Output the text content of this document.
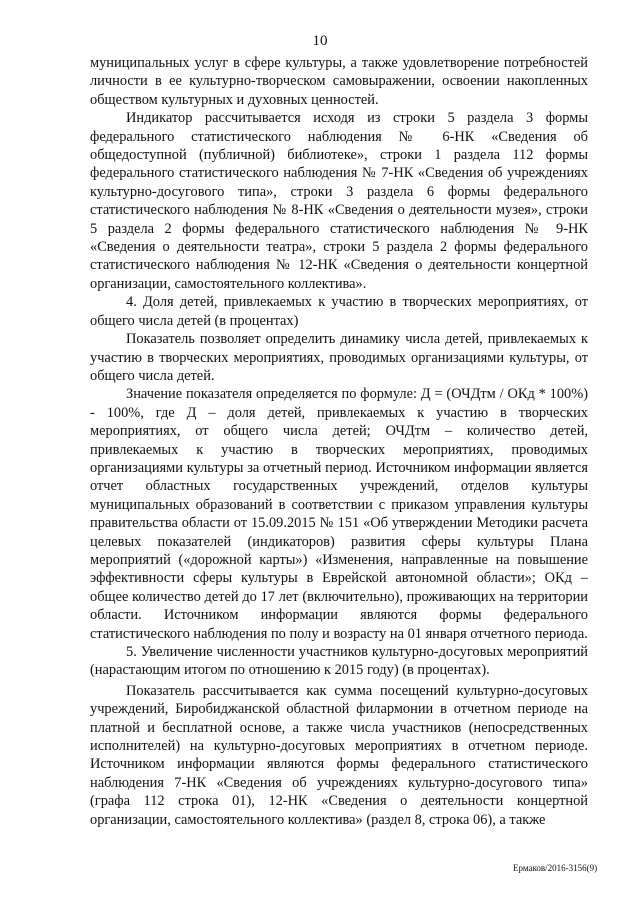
10

муниципальных услуг в сфере культуры, а также удовлетворение потребностей личности в ее культурно-творческом самовыражении, освоении накопленных обществом культурных и духовных ценностей.

Индикатор рассчитывается исходя из строки 5 раздела 3 формы федерального статистического наблюдения № 6-НК «Сведения об общедоступной (публичной) библиотеке», строки 1 раздела 112 формы федерального статистического наблюдения № 7-НК «Сведения об учреждениях культурно-досугового типа», строки 3 раздела 6 формы федерального статистического наблюдения № 8-НК «Сведения о деятельности музея», строки 5 раздела 2 формы федерального статистического наблюдения № 9-НК «Сведения о деятельности театра», строки 5 раздела 2 формы федерального статистического наблюдения № 12-НК «Сведения о деятельности концертной организации, самостоятельного коллектива».

4. Доля детей, привлекаемых к участию в творческих мероприятиях, от общего числа детей (в процентах)

Показатель позволяет определить динамику числа детей, привлекаемых к участию в творческих мероприятиях, проводимых организациями культуры, от общего числа детей.

Значение показателя определяется по формуле: Д = (ОЧДтм / ОКд * 100%) - 100%, где Д – доля детей, привлекаемых к участию в творческих мероприятиях, от общего числа детей; ОЧДтм – количество детей, привлекаемых к участию в творческих мероприятиях, проводимых организациями культуры за отчетный период. Источником информации является отчет областных государственных учреждений, отделов культуры муниципальных образований в соответствии с приказом управления культуры правительства области от 15.09.2015 № 151 «Об утверждении Методики расчета целевых показателей (индикаторов) развития сферы культуры Плана мероприятий («дорожной карты») «Изменения, направленные на повышение эффективности сферы культуры в Еврейской автономной области»; ОКд – общее количество детей до 17 лет (включительно), проживающих на территории области. Источником информации являются формы федерального статистического наблюдения по полу и возрасту на 01 января отчетного периода.

5. Увеличение численности участников культурно-досуговых мероприятий (нарастающим итогом по отношению к 2015 году) (в процентах).

Показатель рассчитывается как сумма посещений культурно-досуговых учреждений, Биробиджанской областной филармонии в отчетном периоде на платной и бесплатной основе, а также числа участников (непосредственных исполнителей) на культурно-досуговых мероприятиях в отчетном периоде. Источником информации являются формы федерального статистического наблюдения 7-НК «Сведения об учреждениях культурно-досугового типа» (графа 112 строка 01), 12-НК «Сведения о деятельности концертной организации, самостоятельного коллектива» (раздел 8, строка 06), а также

Ермаков/2016-3156(9)
